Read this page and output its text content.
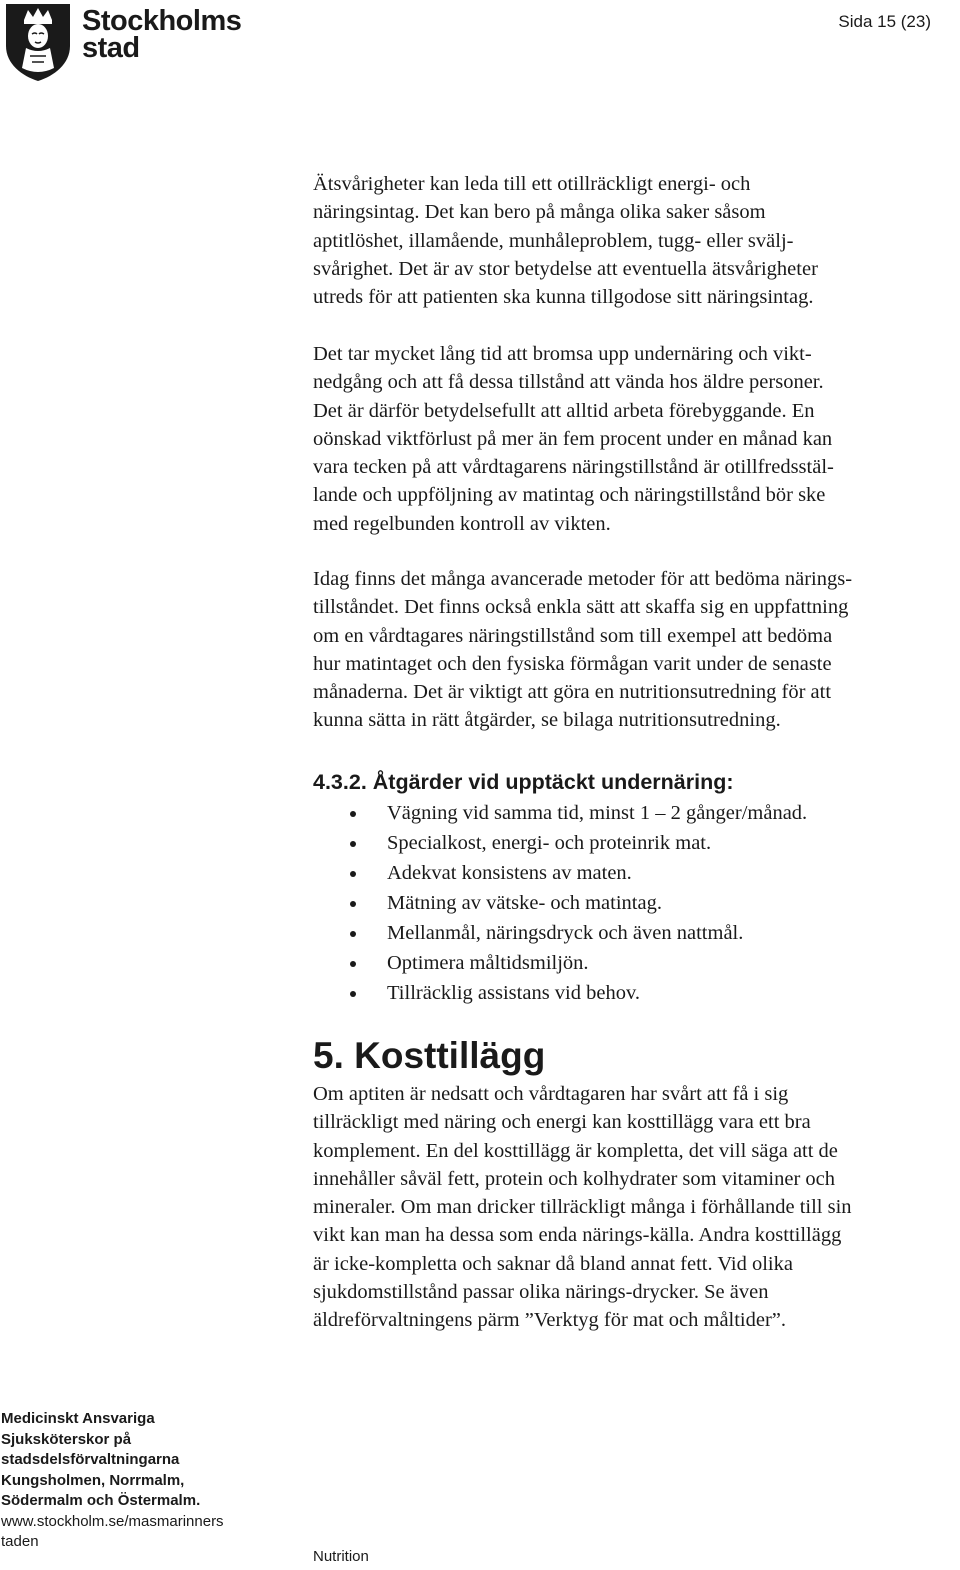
Stockholms
stad
Sida 15 (23)

Ätsvårigheter kan leda till ett otillräckligt energi- och
näringsintag. Det kan bero på många olika saker såsom
aptitlöshet, illamående, munhåleproblem, tugg- eller svälj-
svårighet. Det är av stor betydelse att eventuella ätsvårigheter
utreds för att patienten ska kunna tillgodose sitt näringsintag.

Det tar mycket lång tid att bromsa upp undernäring och vikt-
nedgång och att få dessa tillstånd att vända hos äldre personer.
Det är därför betydelsefullt att alltid arbeta förebyggande. En
oönskad viktförlust på mer än fem procent under en månad kan
vara tecken på att vårdtagarens näringstillstånd är otillfredsstäl-
lande och uppföljning av matintag och näringstillstånd bör ske
med regelbunden kontroll av vikten.

Idag finns det många avancerade metoder för att bedöma närings-
tillståndet. Det finns också enkla sätt att skaffa sig en uppfattning
om en vårdtagares näringstillstånd som till exempel att bedöma
hur matintaget och den fysiska förmågan varit under de senaste
månaderna. Det är viktigt att göra en nutritionsutredning för att
kunna sätta in rätt åtgärder, se bilaga nutritionsutredning.

4.3.2. Åtgärder vid upptäckt undernäring:
Vägning vid samma tid, minst 1 – 2 gånger/månad.
Specialkost, energi- och proteinrik mat.
Adekvat konsistens av maten.
Mätning av vätske- och matintag.
Mellanmål, näringsdryck och även nattmål.
Optimera måltidsmiljön.
Tillräcklig assistans vid behov.
5. Kosttillägg

Om aptiten är nedsatt och vårdtagaren har svårt att få i sig
tillräckligt med näring och energi kan kosttillägg vara ett bra
komplement. En del kosttillägg är kompletta, det vill säga att de
innehåller såväl fett, protein och kolhydrater som vitaminer och
mineraler. Om man dricker tillräckligt många i förhållande till sin
vikt kan man ha dessa som enda närings-källa. Andra kosttillägg
är icke-kompletta och saknar då bland annat fett. Vid olika
sjukdomstillstånd passar olika närings-drycker. Se även
äldreförvaltningens pärm ”Verktyg för mat och måltider”.

Medicinskt Ansvariga
Sjuksköterskor på
stadsdelsförvaltningarna
Kungsholmen, Norrmalm,
Södermalm och Östermalm.
www.stockholm.se/masmarinners
taden
Nutrition
